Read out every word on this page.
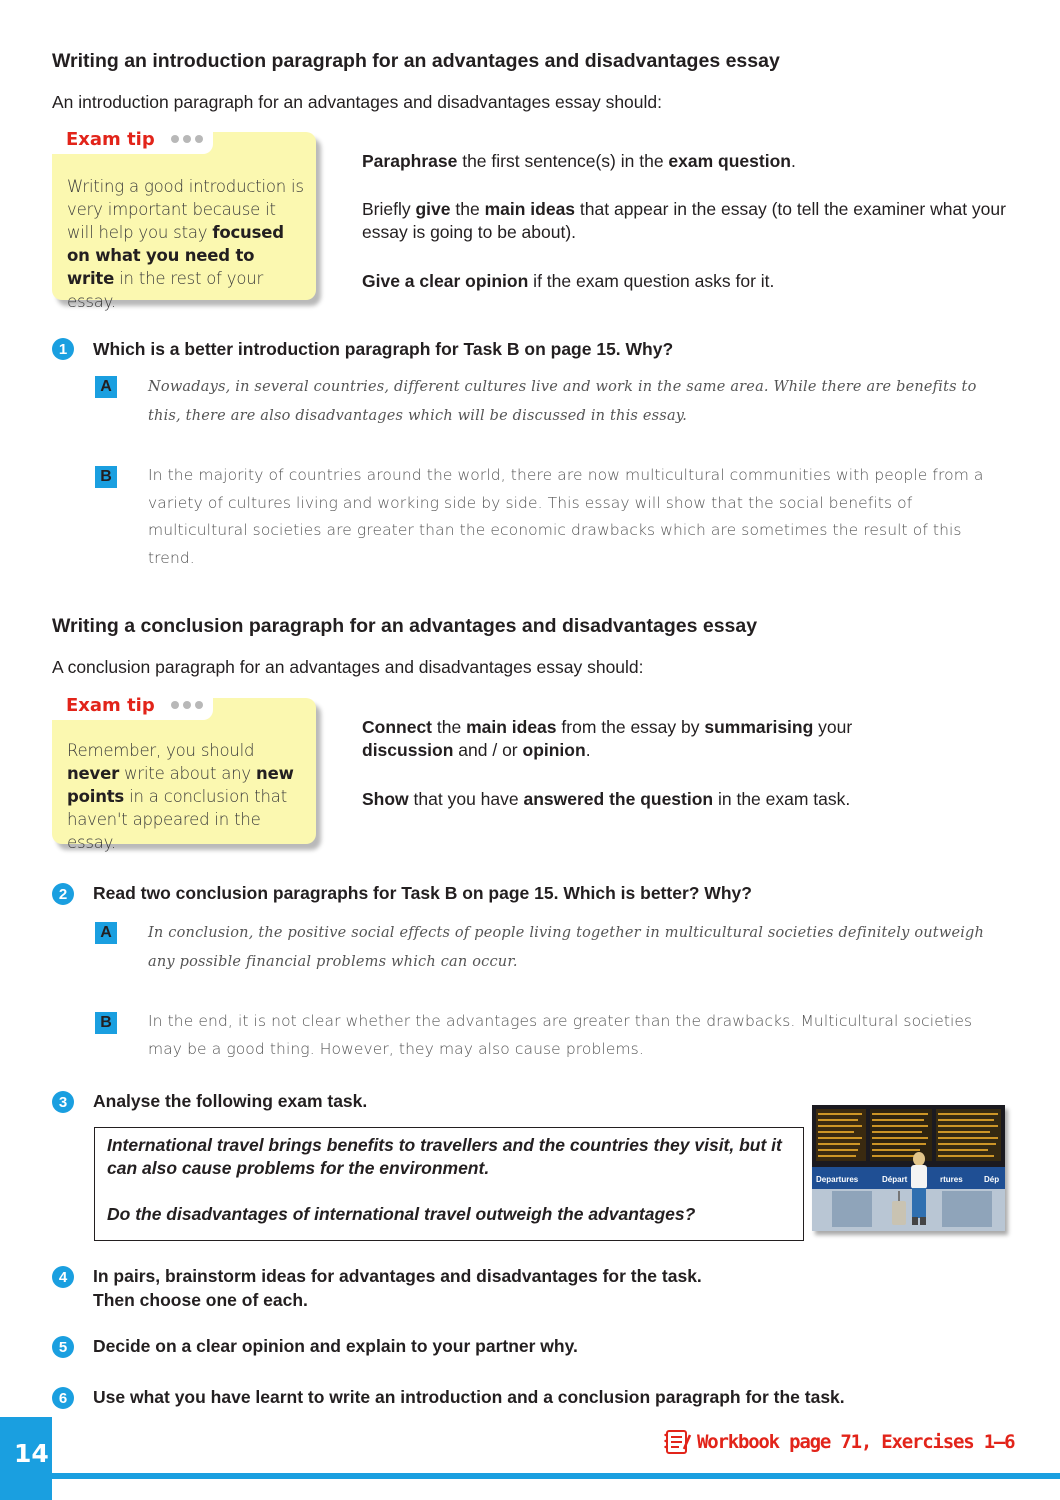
Writing an introduction paragraph for an advantages and disadvantages essay

An introduction paragraph for an advantages and disadvantages essay should:

Exam tip
Writing a good introduction is very important because it will help you stay focused on what you need to write in the rest of your essay.

Paraphrase the first sentence(s) in the exam question.

Briefly give the main ideas that appear in the essay (to tell the examiner what your essay is going to be about).

Give a clear opinion if the exam question asks for it.

1	Which is a better introduction paragraph for Task B on page 15. Why?

A	Nowadays, in several countries, different cultures live and work in the same area. While there are benefits to this, there are also disadvantages which will be discussed in this essay.

B	In the majority of countries around the world, there are now multicultural communities with people from a variety of cultures living and working side by side. This essay will show that the social benefits of multicultural societies are greater than the economic drawbacks which are sometimes the result of this trend.

Writing a conclusion paragraph for an advantages and disadvantages essay

A conclusion paragraph for an advantages and disadvantages essay should:

Exam tip
Remember, you should never write about any new points in a conclusion that haven't appeared in the essay.

Connect the main ideas from the essay by summarising your
discussion and / or opinion.

Show that you have answered the question in the exam task.

2	Read two conclusion paragraphs for Task B on page 15. Which is better? Why?

A	In conclusion, the positive social effects of people living together in multicultural societies definitely outweigh any possible financial problems which can occur.

B	In the end, it is not clear whether the advantages are greater than the drawbacks. Multicultural societies may be a good thing. However, they may also cause problems.

3	Analyse the following exam task.

International travel brings benefits to travellers and the countries they visit, but it can also cause problems for the environment.

Do the disadvantages of international travel outweigh the advantages?

Departures	Départ	rtures	Dép
4	In pairs, brainstorm ideas for advantages and disadvantages for the task.
Then choose one of each.

5	Decide on a clear opinion and explain to your partner why.

6	Use what you have learnt to write an introduction and a conclusion paragraph for the task.

14	Workbook page 71, Exercises 1–6
